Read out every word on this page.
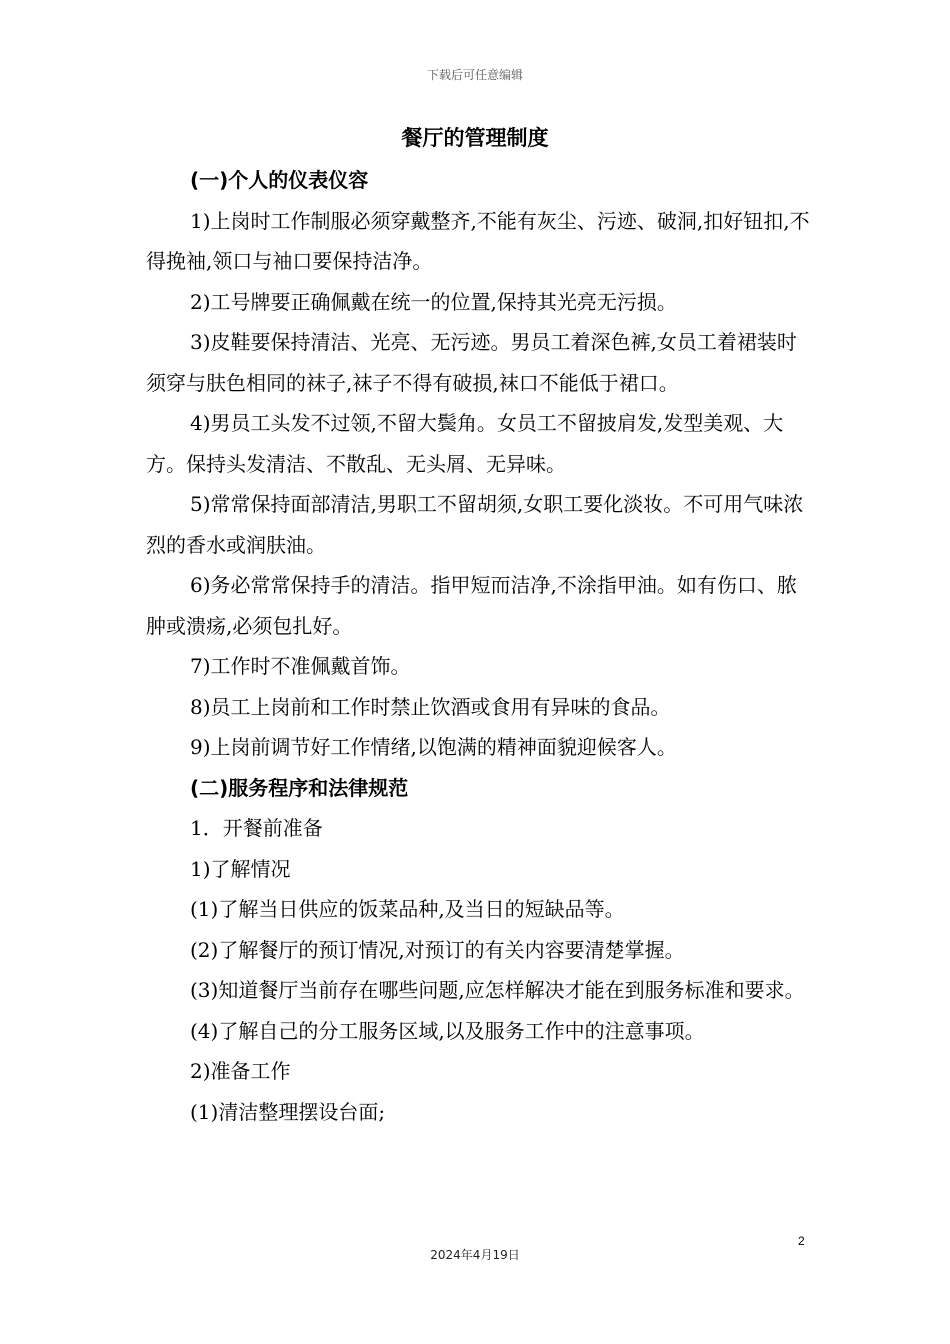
下载后可任意编辑
餐厅的管理制度

(一)个人的仪表仪容

1)上岗时工作制服必须穿戴整齐,不能有灰尘、污迹、破洞,扣好钮扣,不得挽袖,领口与袖口要保持洁净。

2)工号牌要正确佩戴在统一的位置,保持其光亮无污损。

3)皮鞋要保持清洁、光亮、无污迹。男员工着深色裤,女员工着裙装时须穿与肤色相同的袜子,袜子不得有破损,袜口不能低于裙口。

4)男员工头发不过领,不留大鬓角。女员工不留披肩发,发型美观、大方。保持头发清洁、不散乱、无头屑、无异味。

5)常常保持面部清洁,男职工不留胡须,女职工要化淡妆。不可用气味浓烈的香水或润肤油。

6)务必常常保持手的清洁。指甲短而洁净,不涂指甲油。如有伤口、脓肿或溃疡,必须包扎好。

7)工作时不准佩戴首饰。

8)员工上岗前和工作时禁止饮酒或食用有异味的食品。

9)上岗前调节好工作情绪,以饱满的精神面貌迎候客人。

(二)服务程序和法律规范

1．开餐前准备

1)了解情况

(1)了解当日供应的饭菜品种,及当日的短缺品等。

(2)了解餐厅的预订情况,对预订的有关内容要清楚掌握。

(3)知道餐厅当前存在哪些问题,应怎样解决才能在到服务标准和要求。

(4)了解自己的分工服务区域,以及服务工作中的注意事项。

2)准备工作

(1)清洁整理摆设台面;

2
2024年4月19日
